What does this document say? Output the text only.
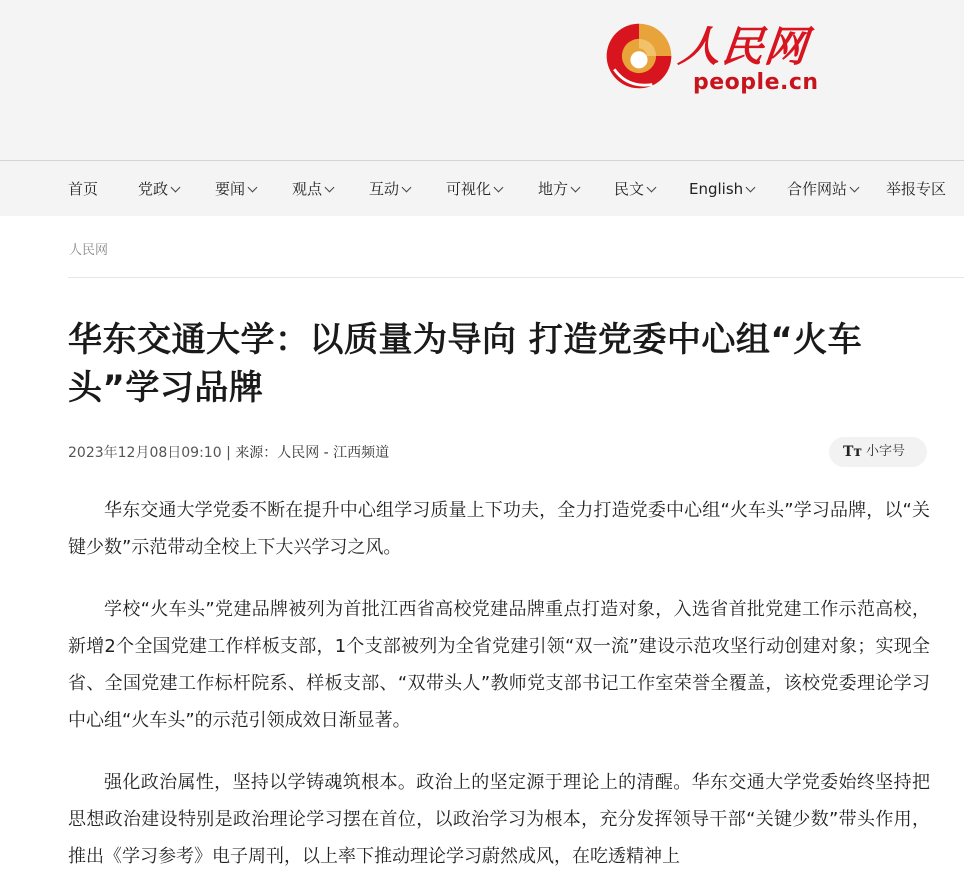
人民网
people.cn
首页	党政	要闻	观点	互动	可视化	地方	民文	English	合作网站	举报专区
人民网
华东交通大学：以质量为导向 打造党委中心组“火车头”学习品牌
2023年12月08日09:10 | 来源：人民网 - 江西频道	Tт 小字号

华东交通大学党委不断在提升中心组学习质量上下功夫，全力打造党委中心组“火车头”学习品牌，以“关键少数”示范带动全校上下大兴学习之风。

学校“火车头”党建品牌被列为首批江西省高校党建品牌重点打造对象，入选省首批党建工作示范高校，新增2个全国党建工作样板支部，1个支部被列为全省党建引领“双一流”建设示范攻坚行动创建对象；实现全省、全国党建工作标杆院系、样板支部、“双带头人”教师党支部书记工作室荣誉全覆盖，该校党委理论学习中心组“火车头”的示范引领成效日渐显著。

强化政治属性，坚持以学铸魂筑根本。政治上的坚定源于理论上的清醒。华东交通大学党委始终坚持把思想政治建设特别是政治理论学习摆在首位，以政治学习为根本，充分发挥领导干部“关键少数”带头作用，推出《学习参考》电子周刊，以上率下推动理论学习蔚然成风，在吃透精神上
